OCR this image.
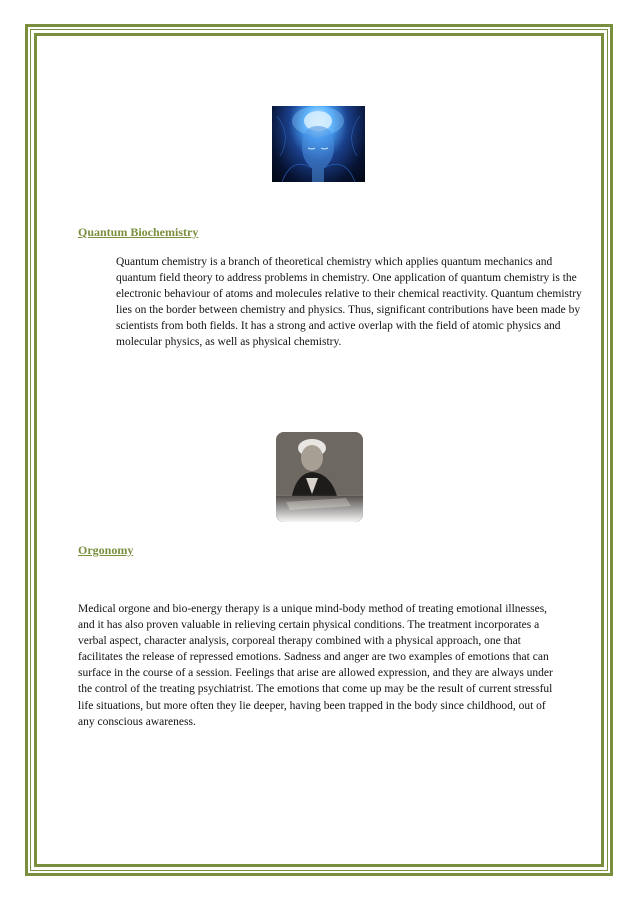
Quantum Biochemistry

Quantum chemistry is a branch of theoretical chemistry which applies quantum mechanics and quantum field theory to address problems in chemistry. One application of quantum chemistry is the electronic behaviour of atoms and molecules relative to their chemical reactivity. Quantum chemistry lies on the border between chemistry and physics. Thus, significant contributions have been made by scientists from both fields. It has a strong and active overlap with the field of atomic physics and molecular physics, as well as physical chemistry.

Orgonomy

Medical orgone and bio-energy therapy is a unique mind-body method of treating emotional illnesses, and it has also proven valuable in relieving certain physical conditions. The treatment incorporates a verbal aspect, character analysis, corporeal therapy combined with a physical approach, one that facilitates the release of repressed emotions. Sadness and anger are two examples of emotions that can surface in the course of a session. Feelings that arise are allowed expression, and they are always under the control of the treating psychiatrist. The emotions that come up may be the result of current stressful life situations, but more often they lie deeper, having been trapped in the body since childhood, out of any conscious awareness.
